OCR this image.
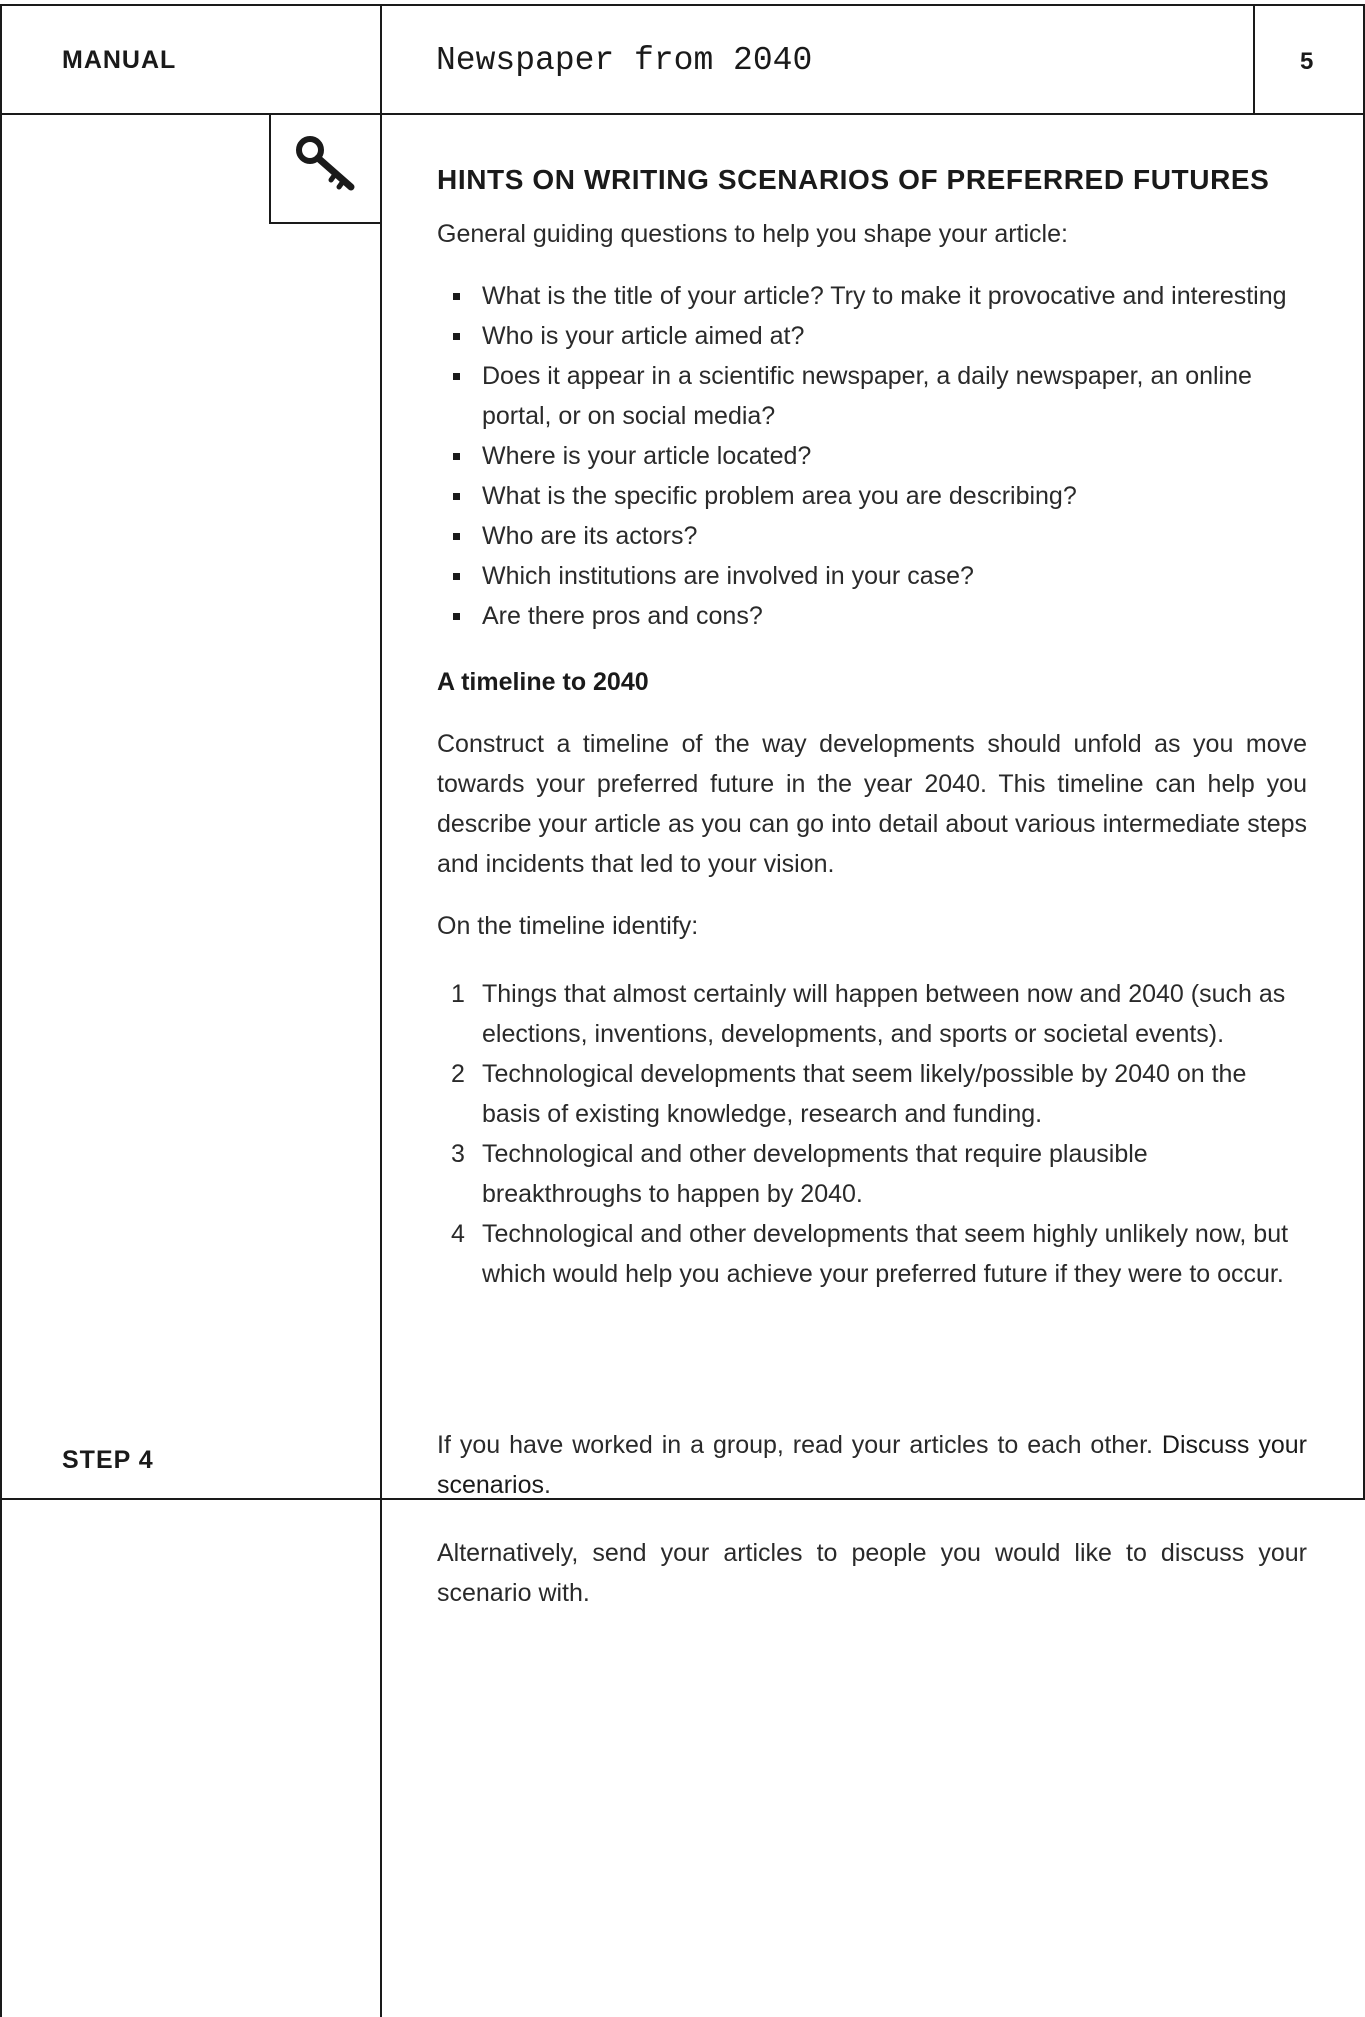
MANUAL	Newspaper from 2040	5
HINTS ON WRITING SCENARIOS OF PREFERRED FUTURES
General guiding questions to help you shape your article:
What is the title of your article? Try to make it provocative and interesting
Who is your article aimed at?
Does it appear in a scientific newspaper, a daily newspaper, an online portal, or on social media?
Where is your article located?
What is the specific problem area you are describing?
Who are its actors?
Which institutions are involved in your case?
Are there pros and cons?
A timeline to 2040
Construct a timeline of the way developments should unfold as you move towards your preferred future in the year 2040. This timeline can help you describe your article as you can go into detail about various intermediate steps and incidents that led to your vision.
On the timeline identify:
1 Things that almost certainly will happen between now and 2040 (such as elections, inventions, developments, and sports or societal events).
2 Technological developments that seem likely/possible by 2040 on the basis of existing knowledge, research and funding.
3 Technological and other developments that require plausible breakthroughs to happen by 2040.
4 Technological and other developments that seem highly unlikely now, but which would help you achieve your preferred future if they were to occur.
STEP 4

If you have worked in a group, read your articles to each other. Discuss your scenarios.

Alternatively, send your articles to people you would like to discuss your scenario with.
